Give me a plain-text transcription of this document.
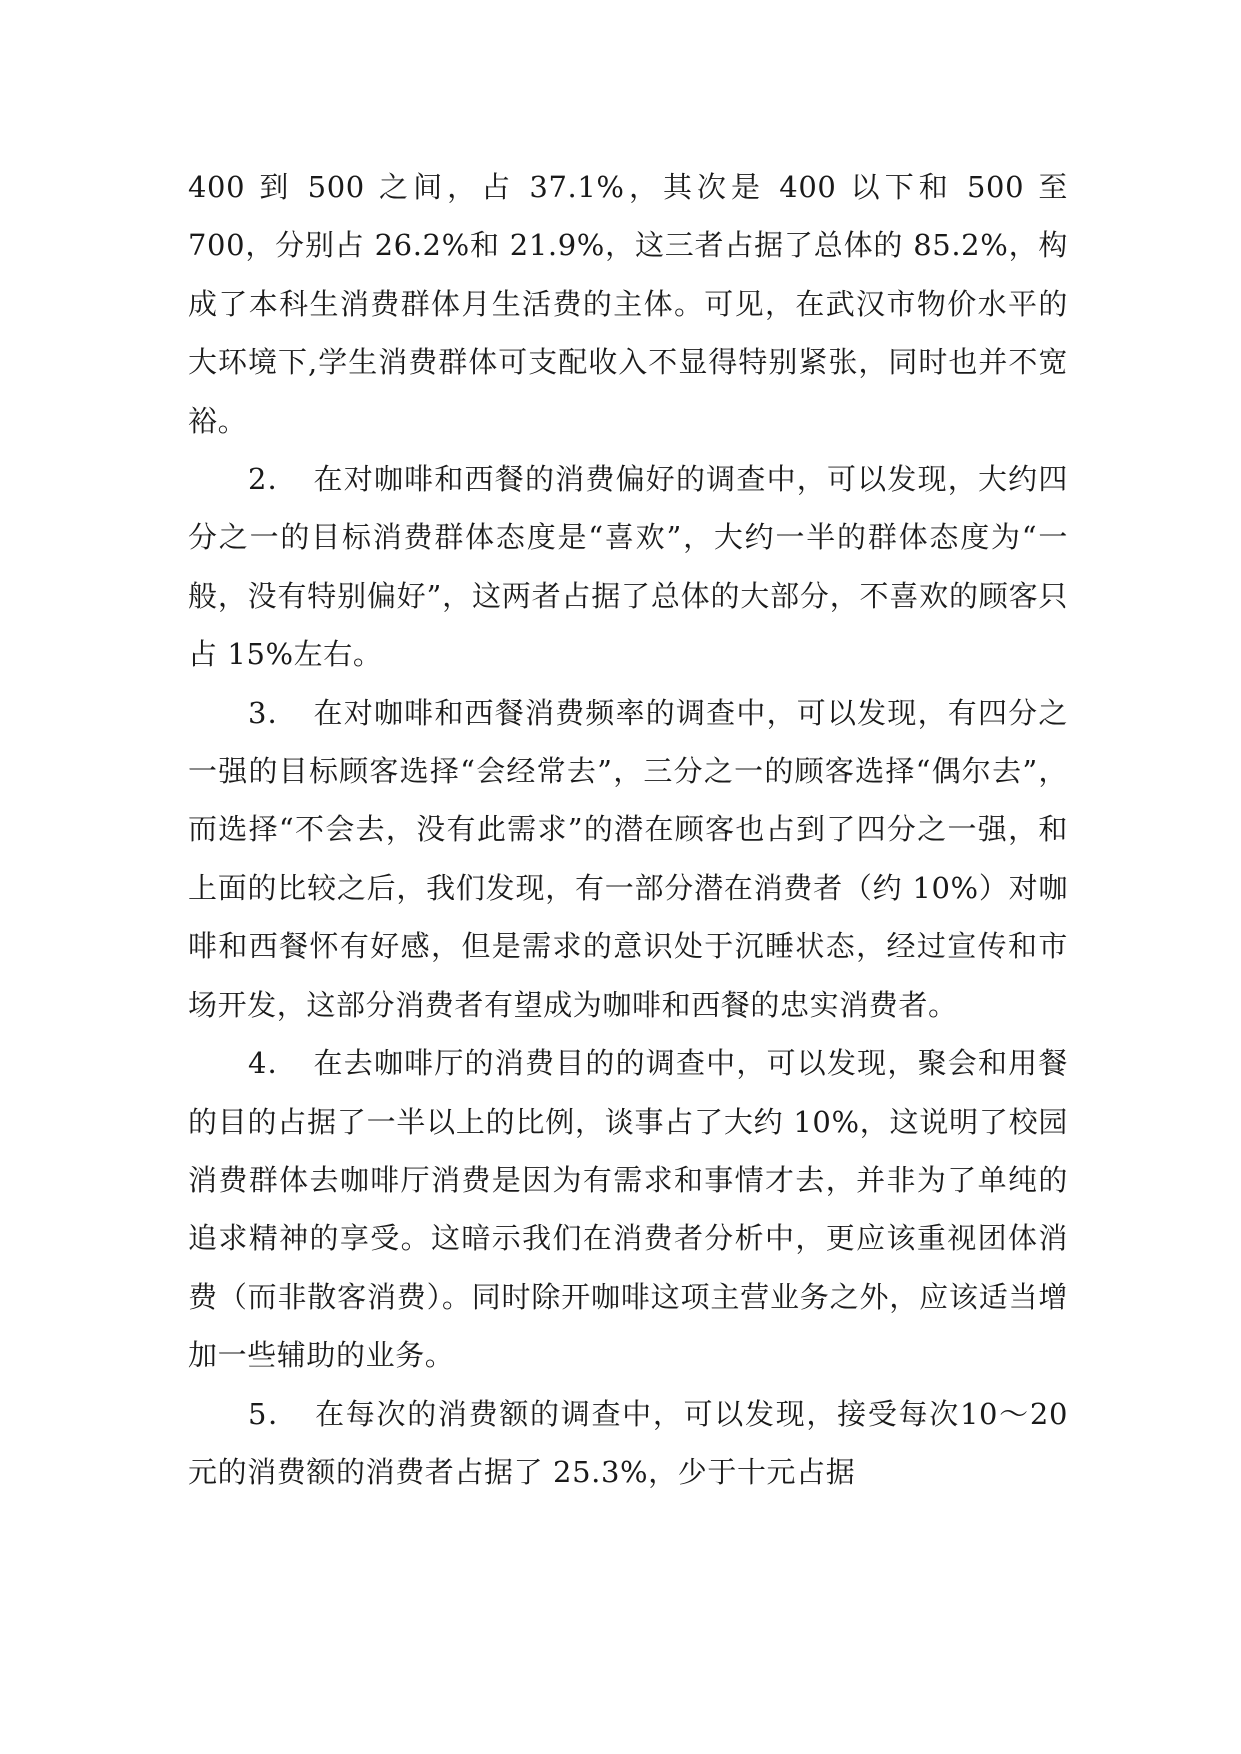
400 到 500 之间，占 37.1%，其次是 400 以下和 500 至 700，分别占 26.2%和 21.9%，这三者占据了总体的 85.2%，构成了本科生消费群体月生活费的主体。可见，在武汉市物价水平的大环境下,学生消费群体可支配收入不显得特别紧张，同时也并不宽裕。

2．　在对咖啡和西餐的消费偏好的调查中，可以发现，大约四分之一的目标消费群体态度是“喜欢”，大约一半的群体态度为“一般，没有特别偏好”，这两者占据了总体的大部分，不喜欢的顾客只占 15%左右。

3．　在对咖啡和西餐消费频率的调查中，可以发现，有四分之一强的目标顾客选择“会经常去”，三分之一的顾客选择“偶尔去”，而选择“不会去，没有此需求”的潜在顾客也占到了四分之一强，和上面的比较之后，我们发现，有一部分潜在消费者（约 10%）对咖啡和西餐怀有好感，但是需求的意识处于沉睡状态，经过宣传和市场开发，这部分消费者有望成为咖啡和西餐的忠实消费者。

4．　在去咖啡厅的消费目的的调查中，可以发现，聚会和用餐的目的占据了一半以上的比例，谈事占了大约 10%，这说明了校园消费群体去咖啡厅消费是因为有需求和事情才去，并非为了单纯的追求精神的享受。这暗示我们在消费者分析中，更应该重视团体消费（而非散客消费）。同时除开咖啡这项主营业务之外，应该适当增加一些辅助的业务。

5．　在每次的消费额的调查中，可以发现，接受每次10～20 元的消费额的消费者占据了 25.3%，少于十元占据
